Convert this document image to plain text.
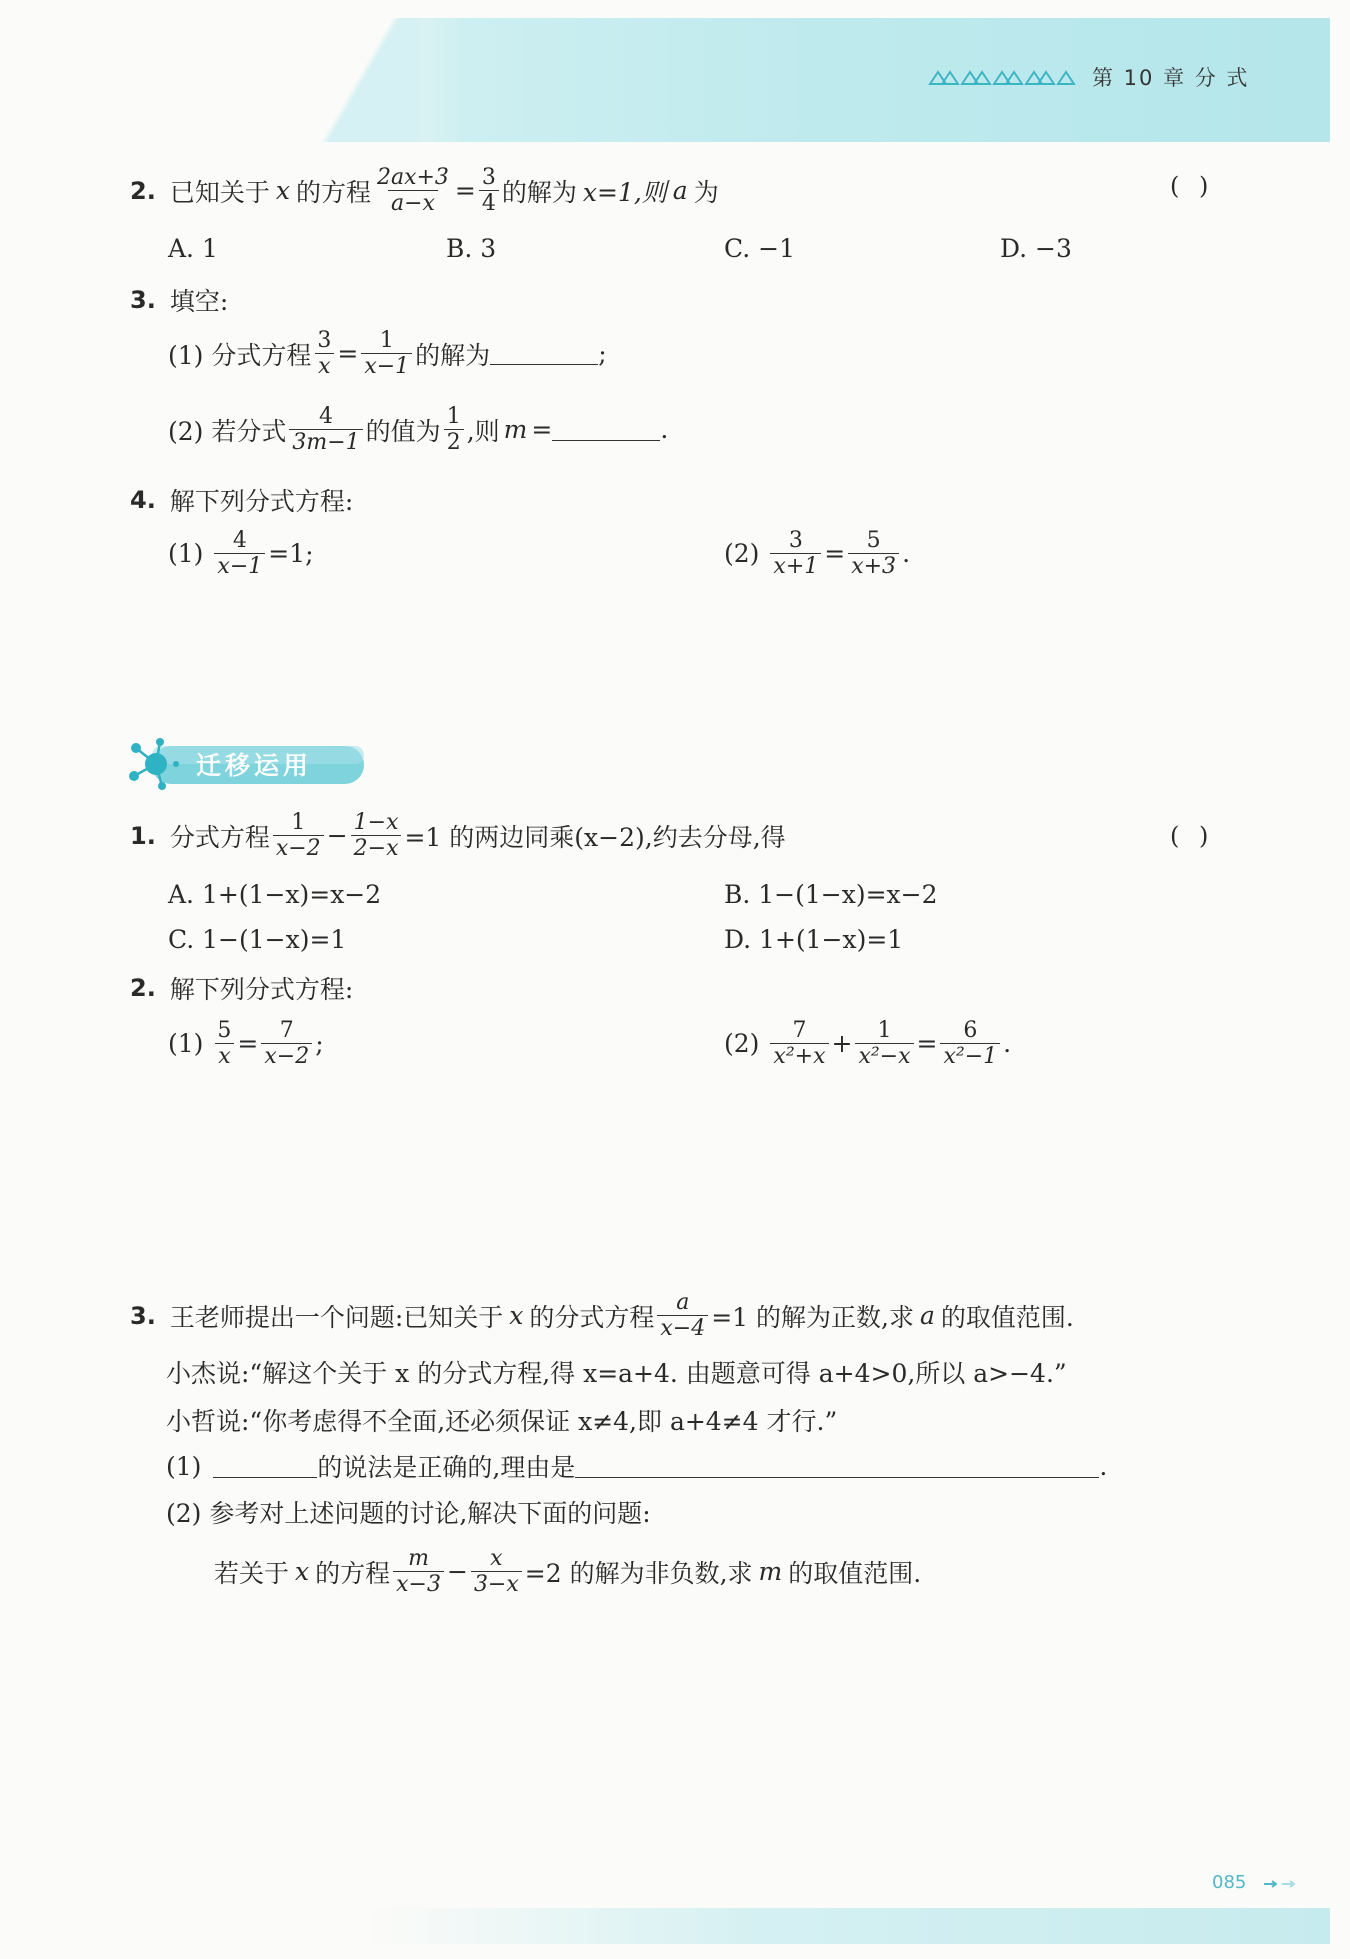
第 10 章 分 式
2. 已知关于 x 的方程 $\frac{2ax+3}{a-x} = \frac{3}{4}$ 的解为 x=1,则 a 为	( )
A. 1	B. 3	C. −1	D. −3
3. 填空:
(1) 分式方程 $\frac{3}{x} = \frac{1}{x-1}$ 的解为	;
(2) 若分式 $\frac{4}{3m-1}$ 的值为 $\frac{1}{2}$ ,则 m =	.
4. 解下列分式方程:
$(1) \frac{4}{x-1} =1$;	$(2) \frac{3}{x+1} = \frac{5}{x+3}$ .
迁移运用
1. 分式方程 $\frac{1}{x-2} - \frac{1-x}{2-x} =1$ 的两边同乘(x−2),约去分母,得	( )
A. 1+(1−x)=x−2	B. 1−(1−x)=x−2
C. 1−(1−x)=1	D. 1+(1−x)=1
2. 解下列分式方程:
$(1) \frac{5}{x} = \frac{7}{x-2}$ ;	$(2) \frac{7}{\text{x²+x}} + \frac{1}{\text{x²−x}} = \frac{6}{\text{x²−1}}$ .
3. 王老师提出一个问题:已知关于 x 的分式方程 $\frac{a}{x-4} =1$ 的解为正数,求 a 的取值范围.
小杰说:“解这个关于 x 的分式方程,得 x=a+4. 由题意可得 a+4>0,所以 a>−4.”
小哲说:“你考虑得不全面,还必须保证 x≠4,即 a+4≠4 才行.”
(1)	的说法是正确的,理由是	.
(2) 参考对上述问题的讨论,解决下面的问题:
若关于 x 的方程 $\frac{m}{x-3} - \frac{x}{3-x} =2$ 的解为非负数,求 m 的取值范围.
085
